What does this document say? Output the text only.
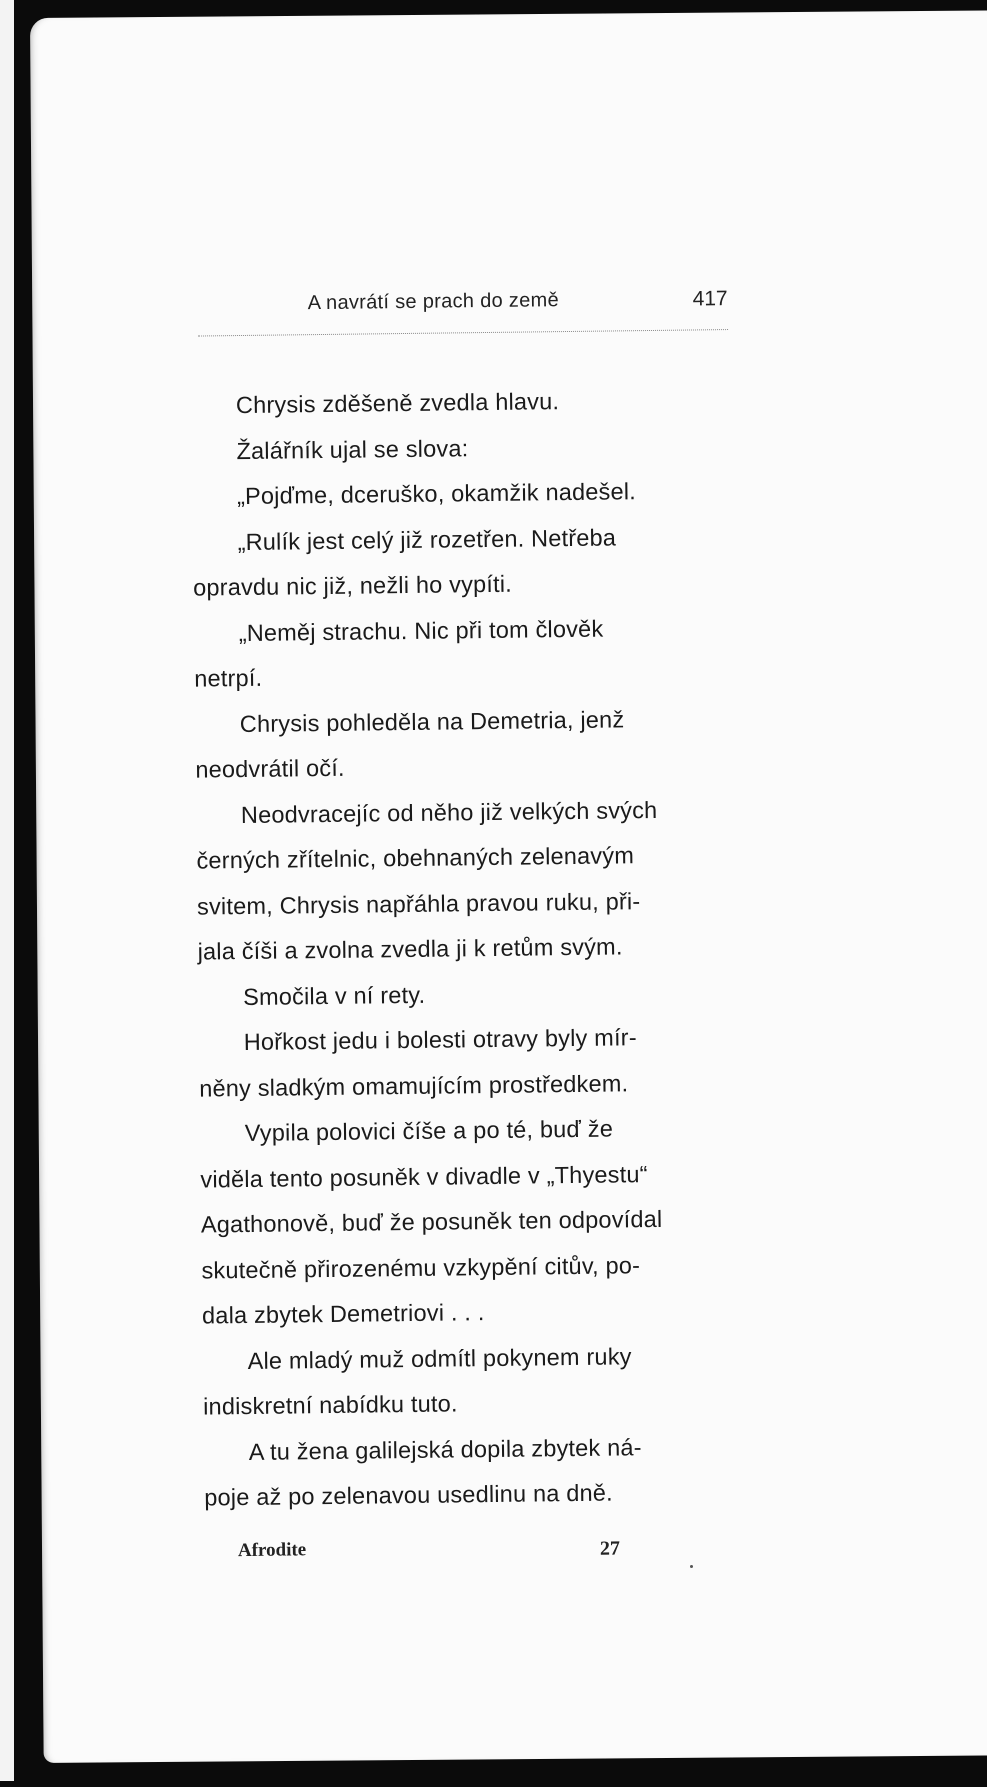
A navrátí se prach do země	417
Chrysis zděšeně zvedla hlavu.
Žalářník ujal se slova:
„Pojďme, dceruško, okamžik nadešel.
„Rulík jest celý již rozetřen. Netřeba
opravdu nic již, nežli ho vypíti.
„Neměj strachu. Nic při tom člověk
netrpí.
Chrysis pohleděla na Demetria, jenž
neodvrátil očí.
Neodvracejíc od něho již velkých svých
černých zřítelnic, obehnaných zelenavým
svitem, Chrysis napřáhla pravou ruku, při-
jala číši a zvolna zvedla ji k retům svým.
Smočila v ní rety.
Hořkost jedu i bolesti otravy byly mír-
něny sladkým omamujícím prostředkem.
Vypila polovici číše a po té, buď že
viděla tento posuněk v divadle v „Thyestu“
Agathonově, buď že posuněk ten odpovídal
skutečně přirozenému vzkypění citův, po-
dala zbytek Demetriovi . . .
Ale mladý muž odmítl pokynem ruky
indiskretní nabídku tuto.
A tu žena galilejská dopila zbytek ná-
poje až po zelenavou usedlinu na dně.
Afrodite	27
